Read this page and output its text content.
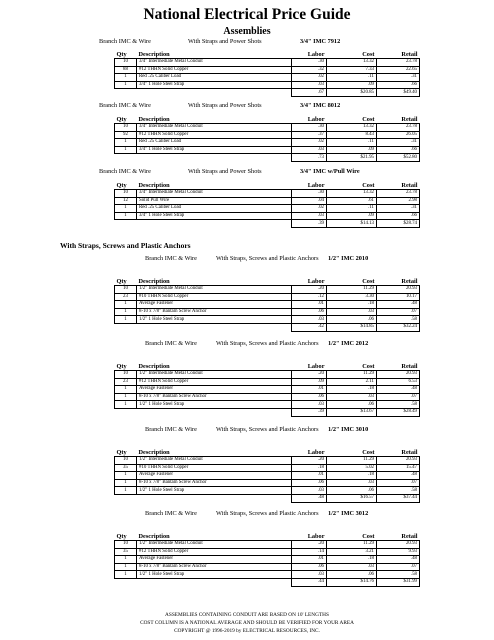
National Electrical Price Guide
Assemblies
Branch IMC & Wire	With Straps and Power Shots	3/4" IMC 7912
Qty	Description	Labor	Cost	Retail
10	3/4" Intermediate Metal Conduit	.30	13.32	23.78
88	#12 THHN Solid Copper	.32	7.33	22.65
1	Red .25 Caliber Load	.02	.11	.31
1	3/4" 1 Hole Steel Strap	.03	.09	.66
		.67	$20.85	$49.40
Branch IMC & Wire	With Straps and Power Shots	3/4" IMC 8012
Qty	Description	Labor	Cost	Retail
10	3/4" Intermediate Metal Conduit	.30	13.32	23.78
92	#12 THHN Solid Copper	.37	8.43	26.05
1	Red .25 Caliber Load	.02	.11	.31
1	3/4" 1 Hole Steel Strap	.03	.09	.66
		.73	$21.95	$52.80
With Straps, Screws and Plastic Anchors
Branch IMC & Wire	With Straps and Power Shots	3/4" IMC w/Pull Wire
Qty	Description	Labor	Cost	Retail
10	3/4" Intermediate Metal Conduit	.30	13.32	23.78
12	Solid Pull Wire	.04	.61	2.98
1	Red .25 Caliber Load	.02	.11	.31
1	3/4" 1 Hole Steel Strap	.03	.09	.66
		.39	$14.13	$28.74
Branch IMC & Wire	With Straps, Screws and Plastic Anchors	1/2" IMC 2010
Qty	Description	Labor	Cost	Retail
10	1/2" Intermediate Metal Conduit	.20	11.29	20.93
23	#10 THHN Solid Copper	.12	3.30	10.17
1	Average Fastener	.01	.18	.48
1	8-10 x 7/8" Bantam Screw Anchor	.06	.03	.07
1	1/2" 1 Hole Steel Strap	.03	.06	.58
		.42	$14.85	$32.24
Branch IMC & Wire	With Straps, Screws and Plastic Anchors	1/2" IMC 2012
Qty	Description	Labor	Cost	Retail
10	1/2" Intermediate Metal Conduit	.20	11.29	20.93
23	#12 THHN Solid Copper	.09	2.11	6.53
1	Average Fastener	.01	.18	.48
1	8-10 x 7/8" Bantam Screw Anchor	.06	.03	.07
1	1/2" 1 Hole Steel Strap	.03	.06	.58
		.39	$13.67	$28.49
Branch IMC & Wire	With Straps, Screws and Plastic Anchors	1/2" IMC 3010
Qty	Description	Labor	Cost	Retail
10	1/2" Intermediate Metal Conduit	.20	11.29	20.93
35	#10 THHN Solid Copper	.18	5.02	15.47
1	Average Fastener	.01	.18	.48
1	8-10 x 7/8" Bantam Screw Anchor	.06	.03	.07
1	1/2" 1 Hole Steel Strap	.03	.06	.58
		.48	$16.57	$37.44
Branch IMC & Wire	With Straps, Screws and Plastic Anchors	1/2" IMC 3012
Qty	Description	Labor	Cost	Retail
10	1/2" Intermediate Metal Conduit	.20	11.29	20.93
35	#12 THHN Solid Copper	.14	3.21	9.93
1	Average Fastener	.01	.18	.48
1	8-10 x 7/8" Bantam Screw Anchor	.06	.03	.07
1	1/2" 1 Hole Steel Strap	.03	.06	.58
		.44	$14.76	$31.99
ASSEMBLIES CONTAINING CONDUIT ARE BASED ON 10' LENGTHS
COST COLUMN IS A NATIONAL AVERAGE AND SHOULD BE VERIFIED FOR YOUR AREA
COPYRIGHT @ 1996-2019 by ELECTRICAL RESOURCES, INC.
